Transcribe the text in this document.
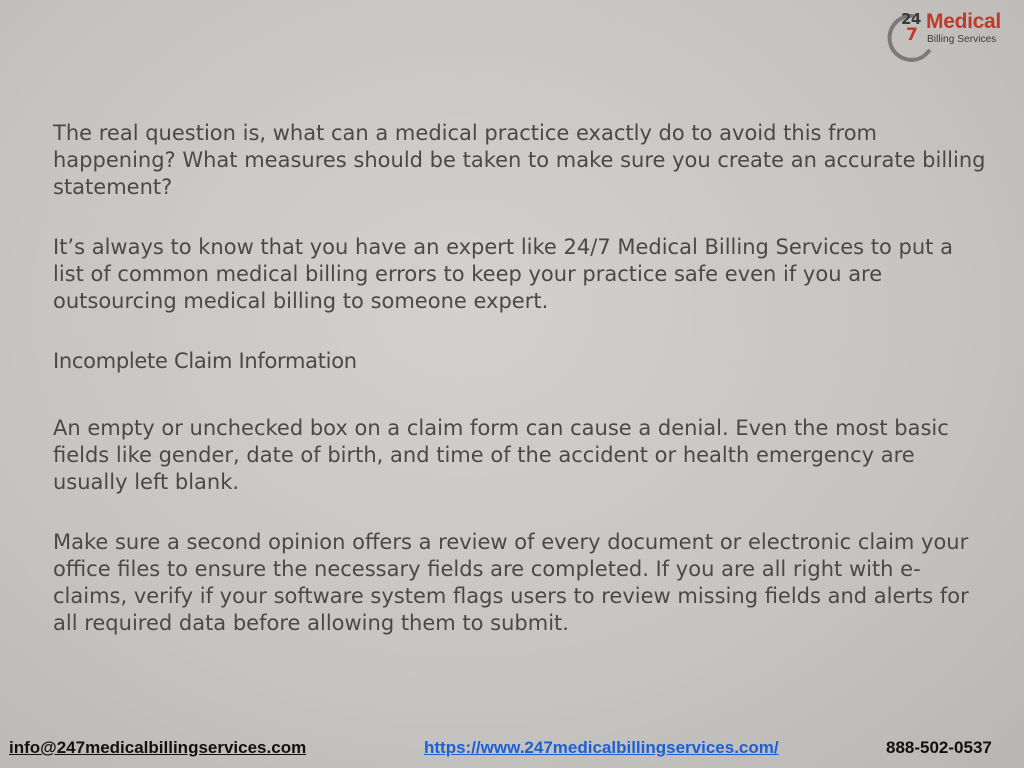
24
7
Medical
Billing Services

The real question is, what can a medical practice exactly do to avoid this from happening? What measures should be taken to make sure you create an accurate billing statement?

It’s always to know that you have an expert like 24/7 Medical Billing Services to put a list of common medical billing errors to keep your practice safe even if you are outsourcing medical billing to someone expert.

Incomplete Claim Information

An empty or unchecked box on a claim form can cause a denial. Even the most basic fields like gender, date of birth, and time of the accident or health emergency are usually left blank.

Make sure a second opinion offers a review of every document or electronic claim your office files to ensure the necessary fields are completed. If you are all right with e-claims, verify if your software system flags users to review missing fields and alerts for all required data before allowing them to submit.

info@247medicalbillingservices.com	https://www.247medicalbillingservices.com/	888-502-0537
